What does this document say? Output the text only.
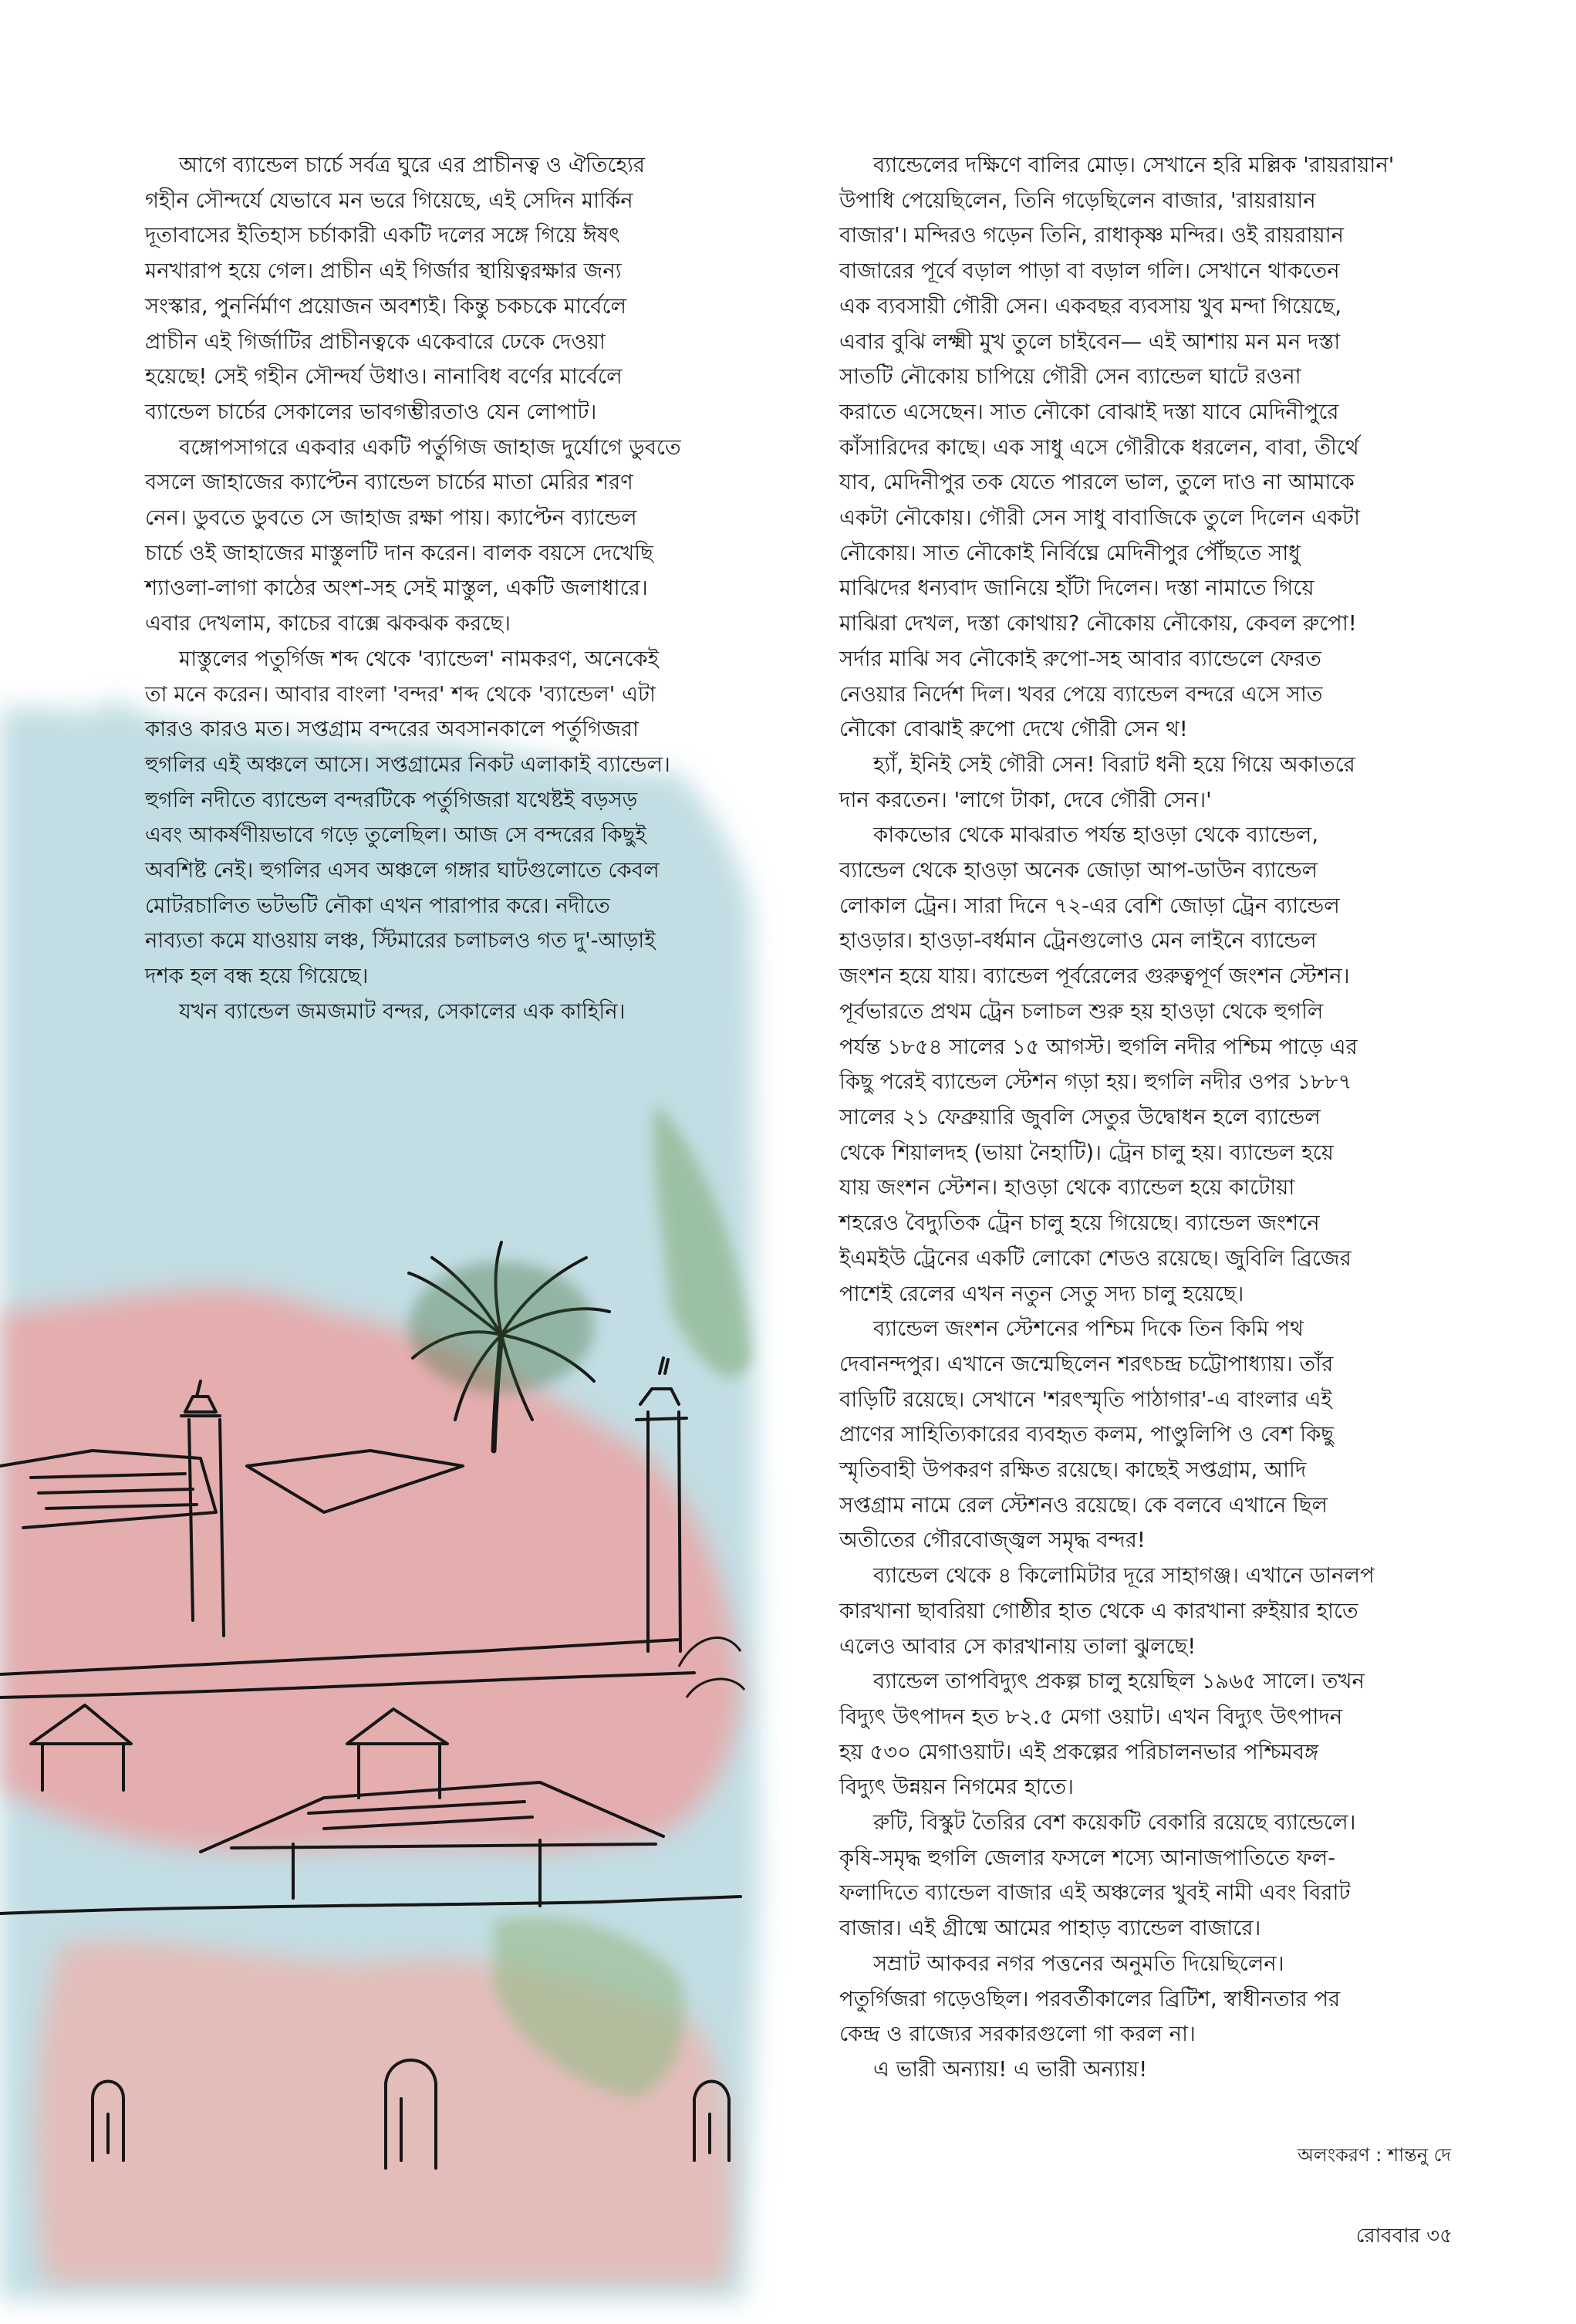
আগে ব্যান্ডেল চার্চে সর্বত্র ঘুরে এর প্রাচীনত্ব ও ঐতিহ্যের
গহীন সৌন্দর্যে যেভাবে মন ভরে গিয়েছে, এই সেদিন মার্কিন
দূতাবাসের ইতিহাস চর্চাকারী একটি দলের সঙ্গে গিয়ে ঈষৎ
মনখারাপ হয়ে গেল। প্রাচীন এই গির্জার স্থায়িত্বরক্ষার জন্য
সংস্কার, পুনর্নির্মাণ প্রয়োজন অবশ্যই। কিন্তু চকচকে মার্বেলে
প্রাচীন এই গির্জাটির প্রাচীনত্বকে একেবারে ঢেকে দেওয়া
হয়েছে! সেই গহীন সৌন্দর্য উধাও। নানাবিধ বর্ণের মার্বেলে
ব্যান্ডেল চার্চের সেকালের ভাবগম্ভীরতাও যেন লোপাট।

বঙ্গোপসাগরে একবার একটি পর্তুগিজ জাহাজ দুর্যোগে ডুবতে
বসলে জাহাজের ক্যাপ্টেন ব্যান্ডেল চার্চের মাতা মেরির শরণ
নেন। ডুবতে ডুবতে সে জাহাজ রক্ষা পায়। ক্যাপ্টেন ব্যান্ডেল
চার্চে ওই জাহাজের মাস্তুলটি দান করেন। বালক বয়সে দেখেছি
শ্যাওলা-লাগা কাঠের অংশ-সহ সেই মাস্তুল, একটি জলাধারে।
এবার দেখলাম, কাচের বাক্সে ঝকঝক করছে।

মাস্তুলের পতুর্গিজ শব্দ থেকে 'ব্যান্ডেল' নামকরণ, অনেকেই
তা মনে করেন। আবার বাংলা 'বন্দর' শব্দ থেকে 'ব্যান্ডেল' এটা
কারও কারও মত। সপ্তগ্রাম বন্দরের অবসানকালে পর্তুগিজরা
হুগলির এই অঞ্চলে আসে। সপ্তগ্রামের নিকট এলাকাই ব্যান্ডেল।
হুগলি নদীতে ব্যান্ডেল বন্দরটিকে পর্তুগিজরা যথেষ্টই বড়সড়
এবং আকর্ষণীয়ভাবে গড়ে তুলেছিল। আজ সে বন্দরের কিছুই
অবশিষ্ট নেই। হুগলির এসব অঞ্চলে গঙ্গার ঘাটগুলোতে কেবল
মোটরচালিত ভটভটি নৌকা এখন পারাপার করে। নদীতে
নাব্যতা কমে যাওয়ায় লঞ্চ, স্টিমারের চলাচলও গত দু'-আড়াই
দশক হল বন্ধ হয়ে গিয়েছে।

যখন ব্যান্ডেল জমজমাট বন্দর, সেকালের এক কাহিনি।

ব্যান্ডেলের দক্ষিণে বালির মোড়। সেখানে হরি মল্লিক 'রায়রায়ান'
উপাধি পেয়েছিলেন, তিনি গড়েছিলেন বাজার, 'রায়রায়ান
বাজার'। মন্দিরও গড়েন তিনি, রাধাকৃষ্ণ মন্দির। ওই রায়রায়ান
বাজারের পূর্বে বড়াল পাড়া বা বড়াল গলি। সেখানে থাকতেন
এক ব্যবসায়ী গৌরী সেন। একবছর ব্যবসায় খুব মন্দা গিয়েছে,
এবার বুঝি লক্ষ্মী মুখ তুলে চাইবেন— এই আশায় মন মন দস্তা
সাতটি নৌকোয় চাপিয়ে গৌরী সেন ব্যান্ডেল ঘাটে রওনা
করাতে এসেছেন। সাত নৌকো বোঝাই দস্তা যাবে মেদিনীপুরে
কাঁসারিদের কাছে। এক সাধু এসে গৌরীকে ধরলেন, বাবা, তীর্থে
যাব, মেদিনীপুর তক যেতে পারলে ভাল, তুলে দাও না আমাকে
একটা নৌকোয়। গৌরী সেন সাধু বাবাজিকে তুলে দিলেন একটা
নৌকোয়। সাত নৌকোই নির্বিঘ্নে মেদিনীপুর পৌঁছতে সাধু
মাঝিদের ধন্যবাদ জানিয়ে হাঁটা দিলেন। দস্তা নামাতে গিয়ে
মাঝিরা দেখল, দস্তা কোথায়? নৌকোয় নৌকোয়, কেবল রুপো!
সর্দার মাঝি সব নৌকোই রুপো-সহ আবার ব্যান্ডেলে ফেরত
নেওয়ার নির্দেশ দিল। খবর পেয়ে ব্যান্ডেল বন্দরে এসে সাত
নৌকো বোঝাই রুপো দেখে গৌরী সেন থ!

হ্যাঁ, ইনিই সেই গৌরী সেন! বিরাট ধনী হয়ে গিয়ে অকাতরে
দান করতেন। 'লাগে টাকা, দেবে গৌরী সেন।'

কাকভোর থেকে মাঝরাত পর্যন্ত হাওড়া থেকে ব্যান্ডেল,
ব্যান্ডেল থেকে হাওড়া অনেক জোড়া আপ-ডাউন ব্যান্ডেল
লোকাল ট্রেন। সারা দিনে ৭২-এর বেশি জোড়া ট্রেন ব্যান্ডেল
হাওড়ার। হাওড়া-বর্ধমান ট্রেনগুলোও মেন লাইনে ব্যান্ডেল
জংশন হয়ে যায়। ব্যান্ডেল পূর্বরেলের গুরুত্বপূর্ণ জংশন স্টেশন।
পূর্বভারতে প্রথম ট্রেন চলাচল শুরু হয় হাওড়া থেকে হুগলি
পর্যন্ত ১৮৫৪ সালের ১৫ আগস্ট। হুগলি নদীর পশ্চিম পাড়ে এর
কিছু পরেই ব্যান্ডেল স্টেশন গড়া হয়। হুগলি নদীর ওপর ১৮৮৭
সালের ২১ ফেব্রুয়ারি জুবলি সেতুর উদ্বোধন হলে ব্যান্ডেল
থেকে শিয়ালদহ (ভায়া নৈহাটি)। ট্রেন চালু হয়। ব্যান্ডেল হয়ে
যায় জংশন স্টেশন। হাওড়া থেকে ব্যান্ডেল হয়ে কাটোয়া
শহরেও বৈদ্যুতিক ট্রেন চালু হয়ে গিয়েছে। ব্যান্ডেল জংশনে
ইএমইউ ট্রেনের একটি লোকো শেডও রয়েছে। জুবিলি ব্রিজের
পাশেই রেলের এখন নতুন সেতু সদ্য চালু হয়েছে।

ব্যান্ডেল জংশন স্টেশনের পশ্চিম দিকে তিন কিমি পথ
দেবানন্দপুর। এখানে জন্মেছিলেন শরৎচন্দ্র চট্টোপাধ্যায়। তাঁর
বাড়িটি রয়েছে। সেখানে 'শরৎস্মৃতি পাঠাগার'-এ বাংলার এই
প্রাণের সাহিত্যিকারের ব্যবহৃত কলম, পাণ্ডুলিপি ও বেশ কিছু
স্মৃতিবাহী উপকরণ রক্ষিত রয়েছে। কাছেই সপ্তগ্রাম, আদি
সপ্তগ্রাম নামে রেল স্টেশনও রয়েছে। কে বলবে এখানে ছিল
অতীতের গৌরবোজ্জ্বল সমৃদ্ধ বন্দর!

ব্যান্ডেল থেকে ৪ কিলোমিটার দূরে সাহাগঞ্জ। এখানে ডানলপ
কারখানা ছাবরিয়া গোষ্ঠীর হাত থেকে এ কারখানা রুইয়ার হাতে
এলেও আবার সে কারখানায় তালা ঝুলছে!

ব্যান্ডেল তাপবিদ্যুৎ প্রকল্প চালু হয়েছিল ১৯৬৫ সালে। তখন
বিদ্যুৎ উৎপাদন হত ৮২.৫ মেগা ওয়াট। এখন বিদ্যুৎ উৎপাদন
হয় ৫৩০ মেগাওয়াট। এই প্রকল্পের পরিচালনভার পশ্চিমবঙ্গ
বিদ্যুৎ উন্নয়ন নিগমের হাতে।

রুটি, বিস্কুট তৈরির বেশ কয়েকটি বেকারি রয়েছে ব্যান্ডেলে।
কৃষি-সমৃদ্ধ হুগলি জেলার ফসলে শস্যে আনাজপাতিতে ফল-
ফলাদিতে ব্যান্ডেল বাজার এই অঞ্চলের খুবই নামী এবং বিরাট
বাজার। এই গ্রীষ্মে আমের পাহাড় ব্যান্ডেল বাজারে।

সম্রাট আকবর নগর পত্তনের অনুমতি দিয়েছিলেন।
পতুর্গিজরা গড়েওছিল। পরবর্তীকালের ব্রিটিশ, স্বাধীনতার পর
কেন্দ্র ও রাজ্যের সরকারগুলো গা করল না।

এ ভারী অন্যায়! এ ভারী অন্যায়!

অলংকরণ : শান্তনু দে
রোববার ৩৫
